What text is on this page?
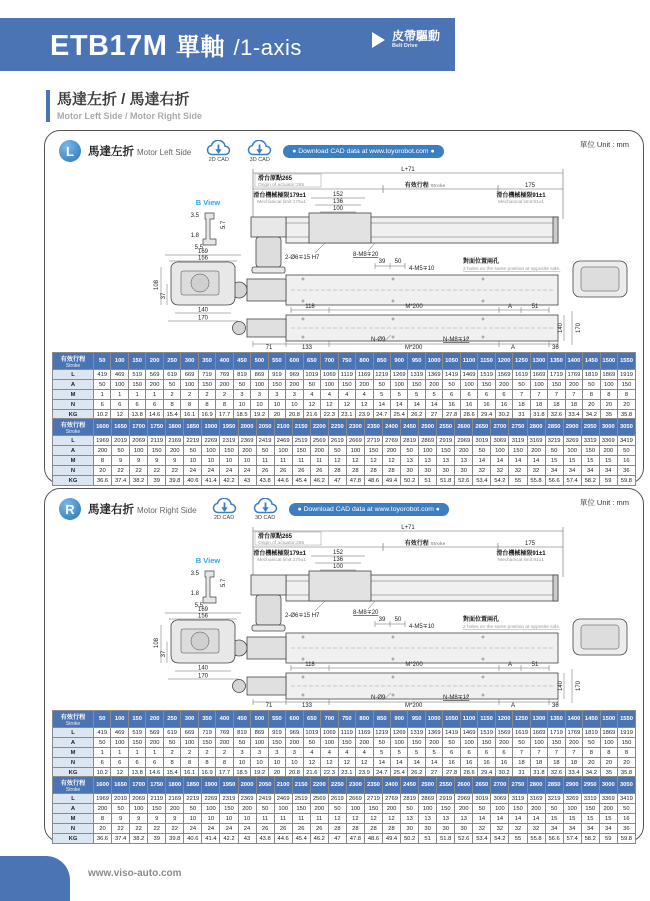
ETB17M 單軸 /1-axis	皮帶驅動
Belt Drive
馬達左折 / 馬達右折
Motor Left Side / Motor Right Side
單位 Unit : mm
L	馬達左折 Motor Left Side
2D CAD	3D CAD
● Download CAD data at www.toyorobot.com ●
L+71
滑台原點265
Origin of actuator:265	有效行程 Stroke	175
滑台機械極限179±1
Mechanical limit:179±1
152
136
100
滑台機械極限91±1
Mechanical limit:91±1
2-Ø6∓15 H7	8-M8∓20
39 50
4-M5∓10
對面位置兩孔
2 holes on the same position at opposite side.
118	M*200	A	51
140 170
71	133
N-Ø9
M*200
N-M8∓12
A	36
B View
3.5
5.7
1.8
5.5
169
156
108
37
140
170
有效行程
Stroke	50	100	150	200	250	300	350	400	450	500	550	600	650	700	750	800	850	900	950	1000	1050	1100	1150	1200	1250	1300	1350	1400	1450	1500	1550
L	419	469	519	569	619	669	719	769	819	869	919	969	1019	1069	1119	1169	1219	1269	1319	1369	1419	1469	1519	1569	1619	1669	1719	1769	1819	1869	1919
A	50	100	150	200	50	100	150	200	50	100	150	200	50	100	150	200	50	100	150	200	50	100	150	200	50	100	150	200	50	100	150
M	1	1	1	1	2	2	2	2	3	3	3	3	4	4	4	4	5	5	5	5	6	6	6	6	7	7	7	7	8	8	8
N	6	6	6	6	8	8	8	8	10	10	10	10	12	12	12	12	14	14	14	14	16	16	16	16	18	18	18	18	20	20	20
KG	10.2	12	13.8	14.6	15.4	16.1	16.9	17.7	18.5	19.2	20	20.8	21.6	22.3	23.1	23.9	24.7	25.4	26.2	27	27.8	28.6	29.4	30.2	31	31.8	32.6	33.4	34.2	35	35.8
有效行程
Stroke	1600	1650	1700	1750	1800	1850	1900	1950	2000	2050	2100	2150	2200	2250	2300	2350	2400	2450	2500	2550	2600	2650	2700	2750	2800	2850	2900	2950	3000	3050
L	1969	2019	2069	2119	2169	2219	2269	2319	2369	2419	2469	2519	2569	2619	2669	2719	2769	2819	2869	2919	2969	3019	3069	3119	3169	3219	3269	3319	3369	3419
A	200	50	100	150	200	50	100	150	200	50	100	150	200	50	100	150	200	50	100	150	200	50	100	150	200	50	100	150	200	50
M	8	9	9	9	9	10	10	10	10	11	11	11	11	12	12	12	12	13	13	13	13	14	14	14	14	15	15	15	15	16
N	20	22	22	22	22	24	24	24	24	26	26	26	26	28	28	28	28	30	30	30	30	32	32	32	32	34	34	34	34	36
KG	36.6	37.4	38.2	39	39.8	40.6	41.4	42.2	43	43.8	44.6	45.4	46.2	47	47.8	48.6	49.4	50.2	51	51.8	52.6	53.4	54.2	55	55.8	56.6	57.4	58.2	59	59.8
單位 Unit : mm
R	馬達右折 Motor Right Side
2D CAD	3D CAD
● Download CAD data at www.toyorobot.com ●
L+71
滑台原點265
Origin of actuator:265	有效行程 Stroke	175
滑台機械極限179±1
Mechanical limit:179±1
152
136
100
滑台機械極限91±1
Mechanical limit:91±1
2-Ø6∓15 H7	8-M8∓20
39 50
4-M5∓10
對面位置兩孔
2 holes on the same position at opposite side.
118	M*200	A	51
140 170
71	133
N-Ø9
M*200
N-M8∓12
A	36
B View
3.5
5.7
1.8
5.5
169
156
108
37
140
170
有效行程
Stroke	50	100	150	200	250	300	350	400	450	500	550	600	650	700	750	800	850	900	950	1000	1050	1100	1150	1200	1250	1300	1350	1400	1450	1500	1550
L	419	469	519	569	619	669	719	769	819	869	919	969	1019	1069	1119	1169	1219	1269	1319	1369	1419	1469	1519	1569	1619	1669	1719	1769	1819	1869	1919
A	50	100	150	200	50	100	150	200	50	100	150	200	50	100	150	200	50	100	150	200	50	100	150	200	50	100	150	200	50	100	150
M	1	1	1	1	2	2	2	2	3	3	3	3	4	4	4	4	5	5	5	5	6	6	6	6	7	7	7	7	8	8	8
N	6	6	6	6	8	8	8	8	10	10	10	10	12	12	12	12	14	14	14	14	16	16	16	16	18	18	18	18	20	20	20
KG	10.2	12	13.8	14.6	15.4	16.1	16.9	17.7	18.5	19.2	20	20.8	21.6	22.3	23.1	23.9	24.7	25.4	26.2	27	27.8	28.6	29.4	30.2	31	31.8	32.6	33.4	34.2	35	35.8
有效行程
Stroke	1600	1650	1700	1750	1800	1850	1900	1950	2000	2050	2100	2150	2200	2250	2300	2350	2400	2450	2500	2550	2600	2650	2700	2750	2800	2850	2900	2950	3000	3050
L	1969	2019	2069	2119	2169	2219	2269	2319	2369	2419	2469	2519	2569	2619	2669	2719	2769	2819	2869	2919	2969	3019	3069	3119	3169	3219	3269	3319	3369	3419
A	200	50	100	150	200	50	100	150	200	50	100	150	200	50	100	150	200	50	100	150	200	50	100	150	200	50	100	150	200	50
M	8	9	9	9	9	10	10	10	10	11	11	11	11	12	12	12	12	13	13	13	13	14	14	14	14	15	15	15	15	16
N	20	22	22	22	22	24	24	24	24	26	26	26	26	28	28	28	28	30	30	30	30	32	32	32	32	34	34	34	34	36
KG	36.6	37.4	38.2	39	39.8	40.6	41.4	42.2	43	43.8	44.6	45.4	46.2	47	47.8	48.6	49.4	50.2	51	51.8	52.6	53.4	54.2	55	55.8	56.6	57.4	58.2	59	59.8
www.viso-auto.com
